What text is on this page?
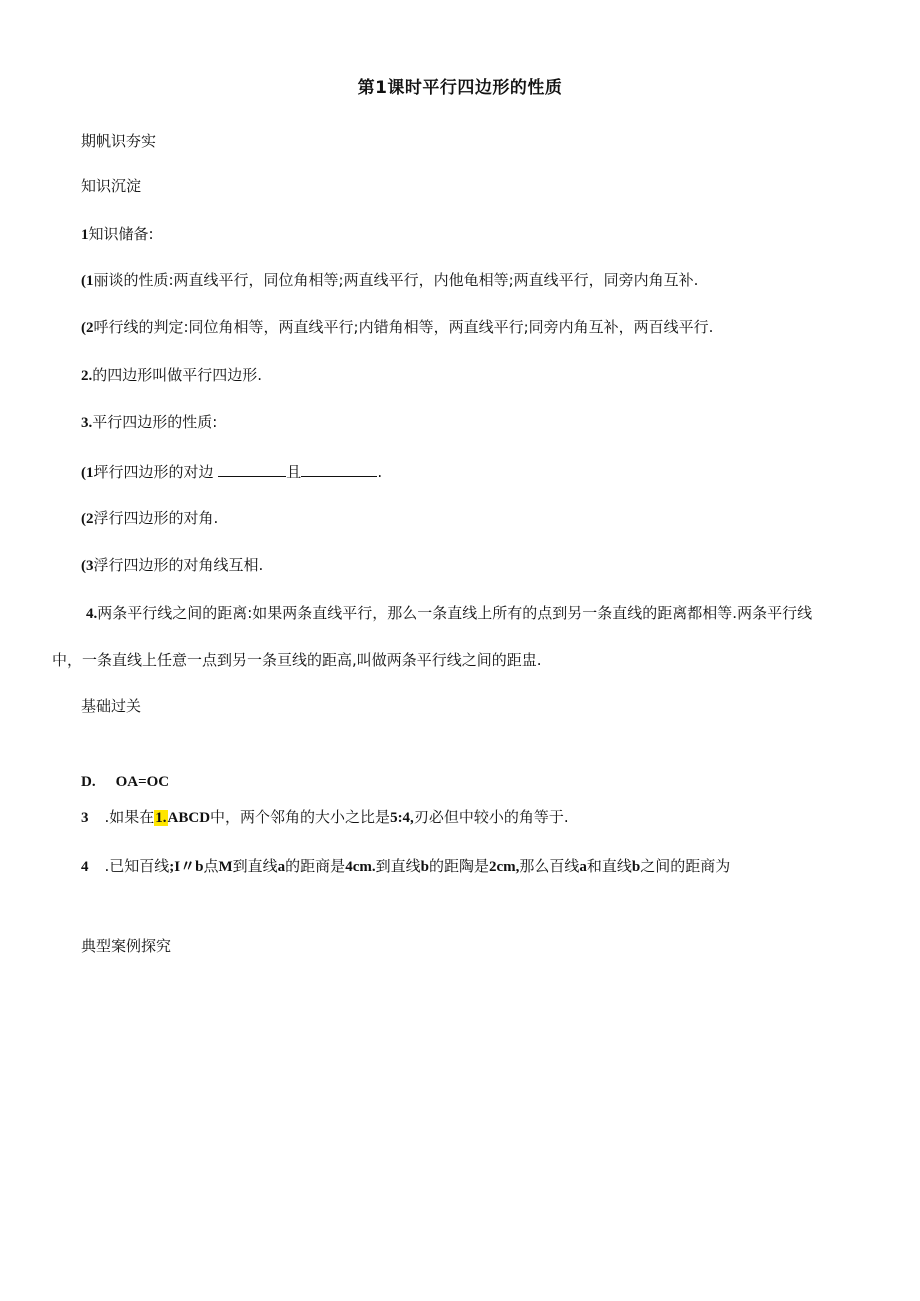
第1课时平行四边形的性质
期帆识夯实
知识沉淀
1知识储备:
(1丽谈的性质:两直线平行，同位角相等;两直线平行，内他龟相等;两直线平行，同旁内角互补.
(2呼行线的判定:同位角相等，两直线平行;内错角相等，两直线平行;同旁内角互补，两百线平行.
2.的四边形叫做平行四边形.
3.平行四边形的性质:
(1坪行四边形的对边	且	.
(2浮行四边形的对角.
(3浮行四边形的对角线互相.
4.两条平行线之间的距离:如果两条直线平行，那么一条直线上所有的点到另一条直线的距离都相等.两条平行线
中，一条直线上任意一点到另一条亘线的距高,叫做两条平行线之间的距盅.
基础过关
D. OA=OC
3 .如果在1.ABCD中，两个邻角的大小之比是5:4,刃必但中较小的角等于.
4 .已知百线;I〃b点M到直线a的距商是4cm.到直线b的距陶是2cm,那么百线a和直线b之间的距商为
典型案例探究
